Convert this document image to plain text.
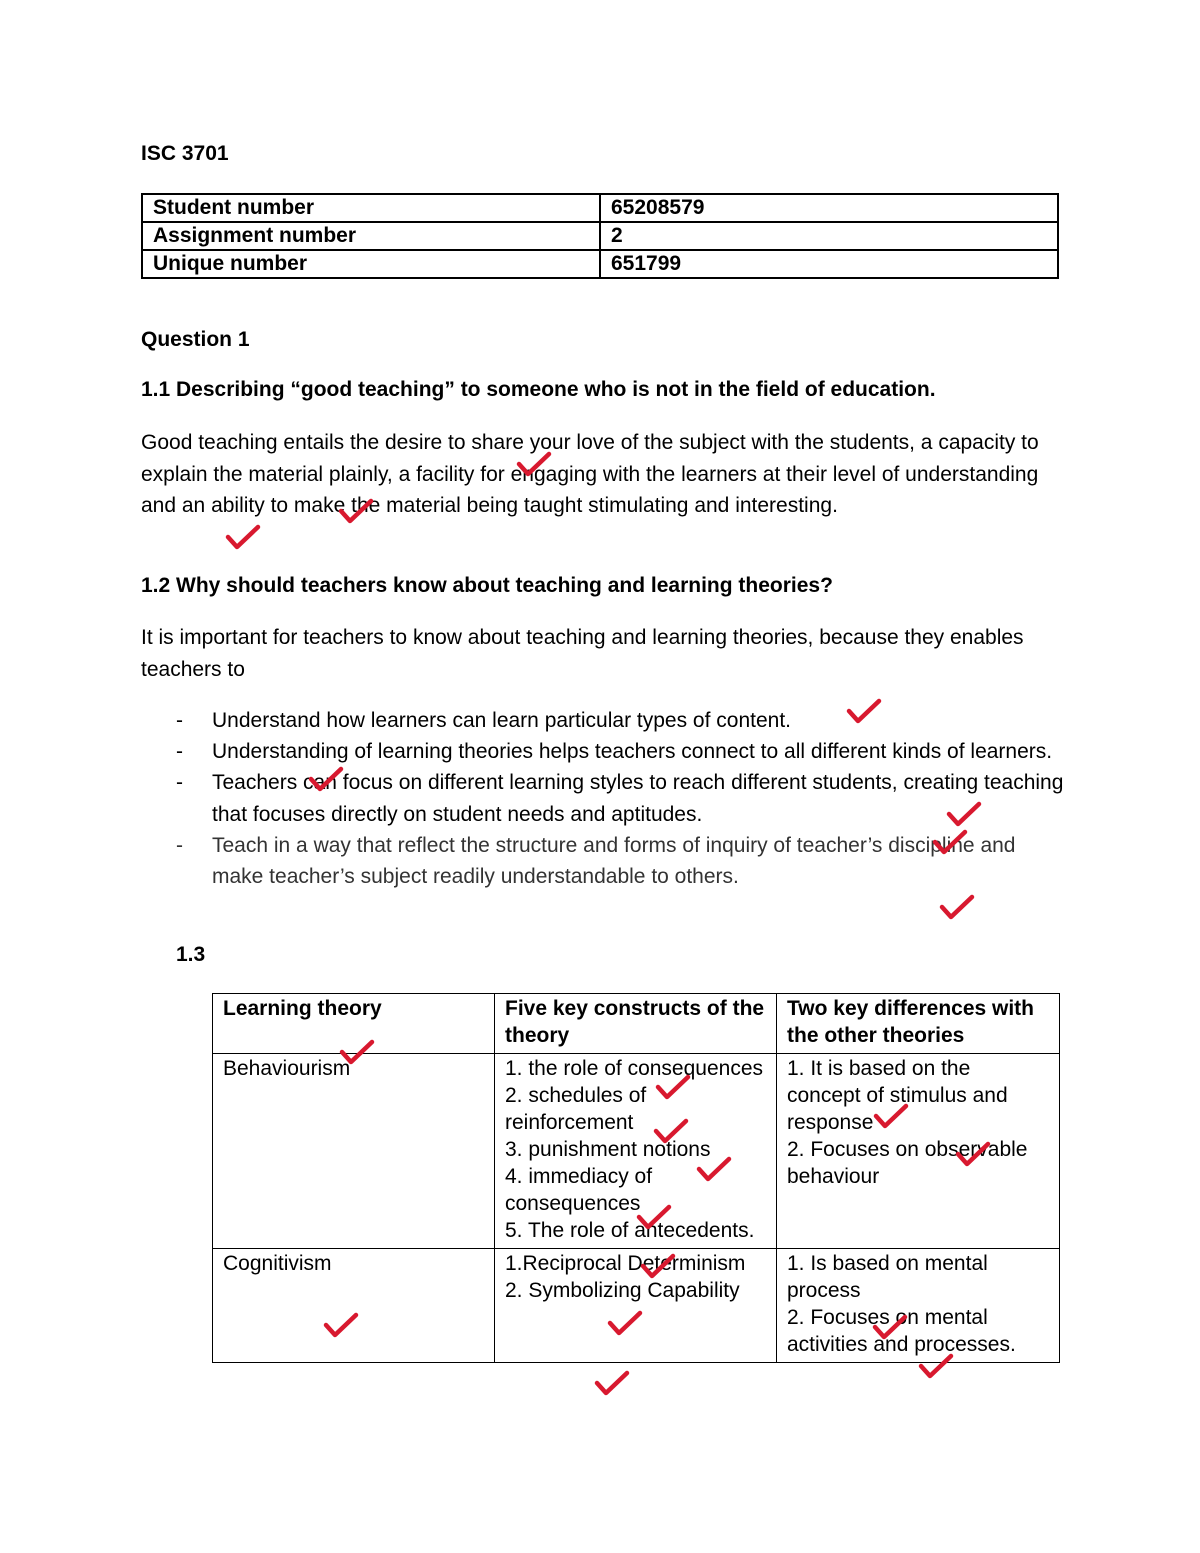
ISC 3701

Student number	65208579
Assignment number	2
Unique number	651799

Question 1

1.1 Describing “good teaching” to someone who is not in the field of education.

Good teaching entails the desire to share your love of the subject with the students, a capacity to explain the material plainly, a facility for engaging with the learners at their level of understanding and an ability to make the material being taught stimulating and interesting.

1.2 Why should teachers know about teaching and learning theories?

It is important for teachers to know about teaching and learning theories, because they enables teachers to

- Understand how learners can learn particular types of content.
- Understanding of learning theories helps teachers connect to all different kinds of learners.
- Teachers can focus on different learning styles to reach different students, creating teaching that focuses directly on student needs and aptitudes.
- Teach in a way that reflect the structure and forms of inquiry of teacher’s discipline and make teacher’s subject readily understandable to others.

1.3

Learning theory	Five key constructs of the theory	Two key differences with the other theories
Behaviourism	1. the role of consequences
2. schedules of reinforcement
3. punishment notions
4. immediacy of consequences
5. The role of antecedents.	1. It is based on the concept of stimulus and response
2. Focuses on observable behaviour

Cognitivism	1.Reciprocal Determinism
2. Symbolizing Capability	1. Is based on mental process
2. Focuses on mental activities and processes.
